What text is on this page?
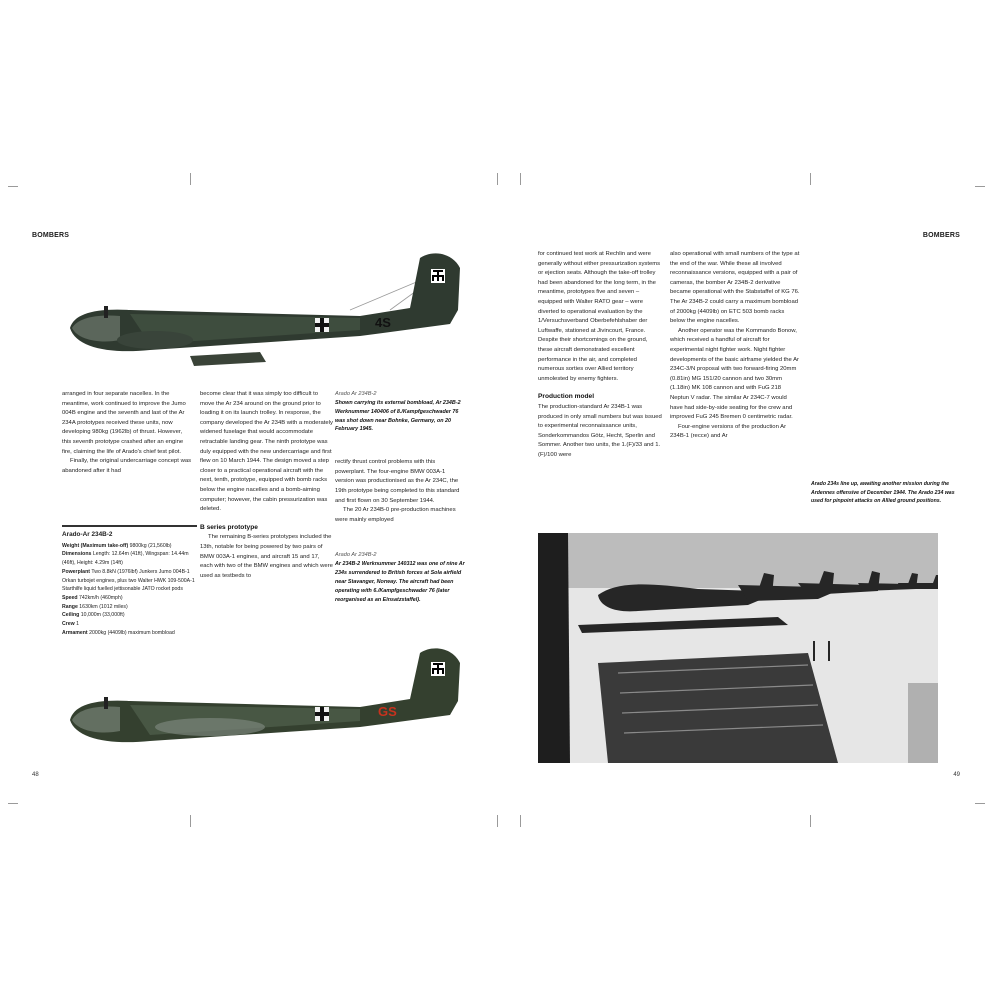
BOMBERS
4S

arranged in four separate nacelles. In the meantime, work continued to improve the Jumo 004B engine and the seventh and last of the Ar 234A prototypes received these units, now developing 980kg (1962lb) of thrust. However, this seventh prototype crashed after an engine fire, claiming the life of Arado's chief test pilot.

Finally, the original undercarriage concept was abandoned after it had

Arado-Ar 234B-2
Weight (Maximum take-off) 9800kg (21,560lb)
Dimensions Length: 12.64m (41ft), Wingspan: 14.44m (46ft), Height: 4.29m (14ft)
Powerplant Two 8.8kN (1976lbf) Junkers Jumo 004B-1 Orkan turbojet engines, plus two Walter HWK 109-500A-1 Starthilfe liquid fuelled jettisonable JATO rocket pods
Speed 742km/h (460mph)
Range 1630km (1012 miles)
Ceiling 10,000m (33,000ft)
Crew 1
Armament 2000kg (4409lb) maximum bombload

become clear that it was simply too difficult to move the Ar 234 around on the ground prior to loading it on its launch trolley. In response, the company developed the Ar 234B with a moderately widened fuselage that would accommodate retractable landing gear. The ninth prototype was duly equipped with the new undercarriage and first flew on 10 March 1944. The design moved a step closer to a practical operational aircraft with the next, tenth, prototype, equipped with bomb racks below the engine nacelles and a bomb-aiming computer; however, the cabin pressurization was deleted.

B series prototype

The remaining B-series prototypes included the 13th, notable for being powered by two pairs of BMW 003A-1 engines, and aircraft 15 and 17, each with two of the BMW engines and which were used as testbeds to

Arado Ar 234B-2
Shown carrying its external bombload, Ar 234B-2 Werknummer 140406 of 8./Kampfgeschwader 76 was shot down near Bohnke, Germany, on 20 February 1945.

rectify thrust control problems with this powerplant. The four-engine BMW 003A-1 version was productionised as the Ar 234C, the 19th prototype being completed to this standard and first flown on 30 September 1944.

The 20 Ar 234B-0 pre-production machines were mainly employed

Arado Ar 234B-2
Ar 234B-2 Werknummer 140312 was one of nine Ar 234s surrendered to British forces at Sola airfield near Stavanger, Norway. The aircraft had been operating with 6./Kampfgeschwader 76 (later reorganised as an Einsatzstaffel).
GS
48
BOMBERS

for continued test work at Rechlin and were generally without either pressurization systems or ejection seats. Although the take-off trolley had been abandoned for the long term, in the meantime, prototypes five and seven – equipped with Walter RATO gear – were diverted to operational evaluation by the 1/Versuchsverband Oberbefehlshaber der Luftwaffe, stationed at Jivincourt, France. Despite their shortcomings on the ground, these aircraft demonstrated excellent performance in the air, and completed numerous sorties over Allied territory unmolested by enemy fighters.

Production model

The production-standard Ar 234B-1 was produced in only small numbers but was issued to experimental reconnaissance units, Sonderkommandos Götz, Hecht, Sperlin and Sommer. Another two units, the 1.(F)/33 and 1.(F)/100 were

also operational with small numbers of the type at the end of the war. While these all involved reconnaissance versions, equipped with a pair of cameras, the bomber Ar 234B-2 derivative became operational with the Stabstaffel of KG 76. The Ar 234B-2 could carry a maximum bombload of 2000kg (4409lb) on ETC 503 bomb racks below the engine nacelles.

Another operator was the Kommando Bonow, which received a handful of aircraft for experimental night fighter work. Night fighter developments of the basic airframe yielded the Ar 234C-3/N proposal with two forward-firing 20mm (0.81in) MG 151/20 cannon and two 30mm (1.18in) MK 108 cannon and with FuG 218 Neptun V radar. The similar Ar 234C-7 would have had side-by-side seating for the crew and improved FuG 245 Bremen 0 centimetric radar.

Four-engine versions of the production Ar 234B-1 (recce) and Ar

Arado 234s line up, awaiting another mission during the Ardennes offensive of December 1944. The Arado 234 was used for pinpoint attacks on Allied ground positions.
49
